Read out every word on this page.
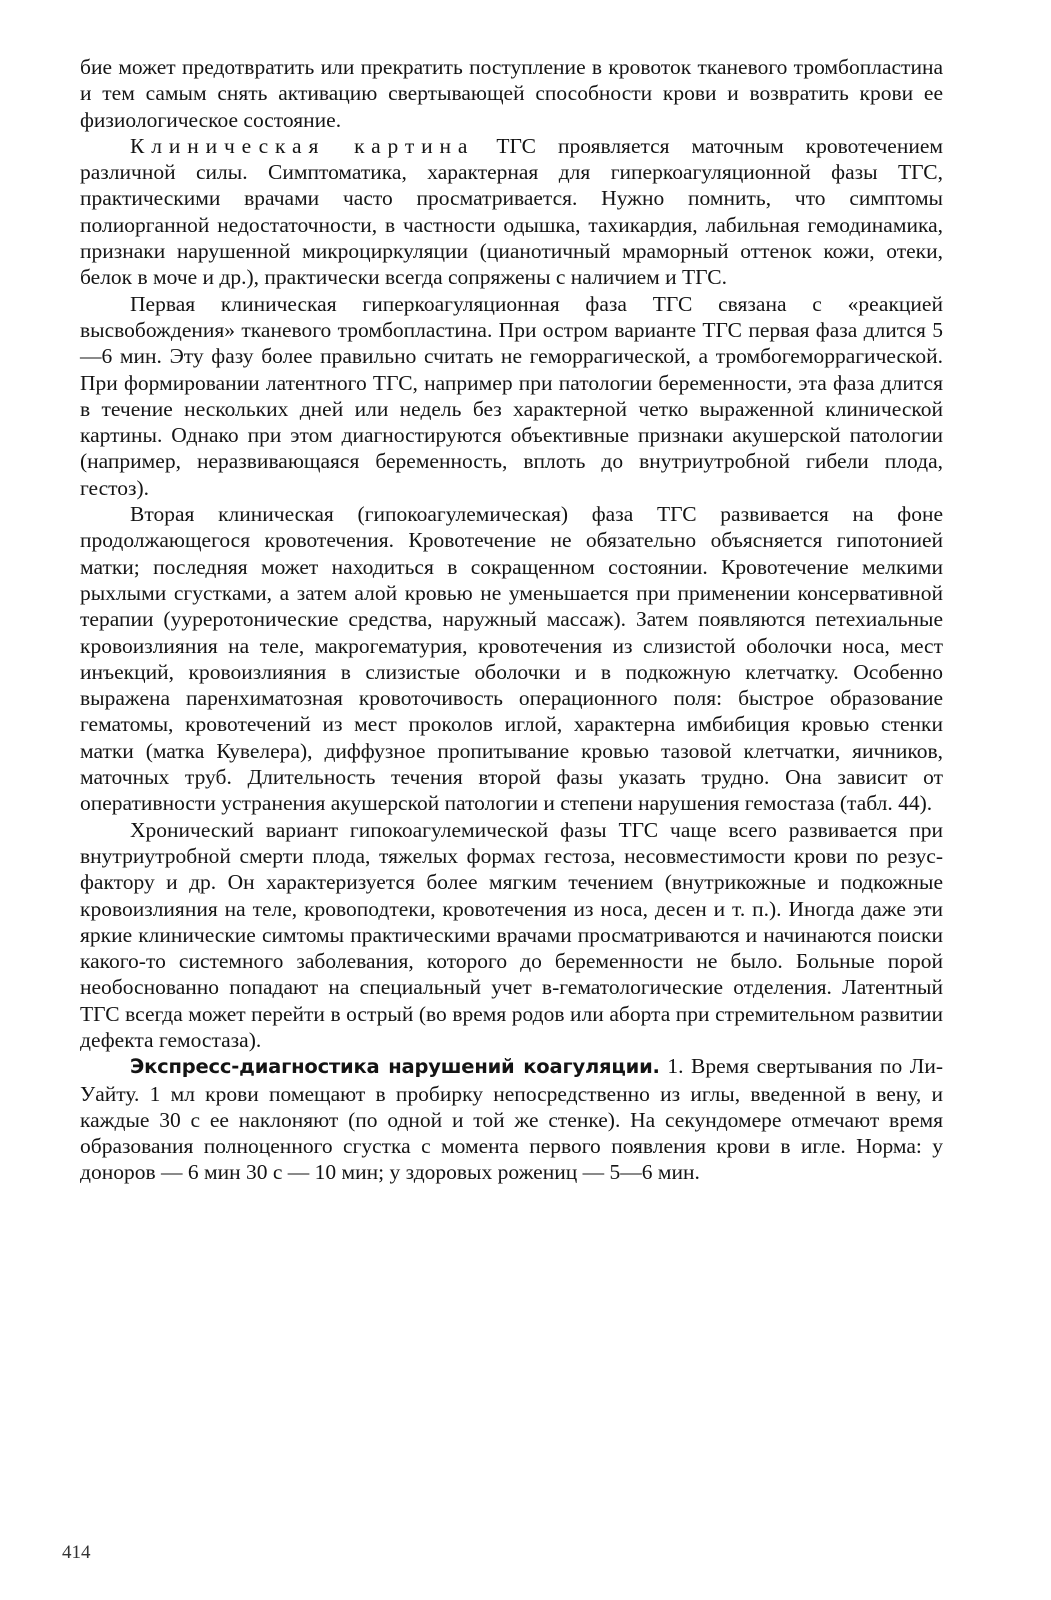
бие может предотвратить или прекратить поступление в кровоток тканевого тромбопластина и тем самым снять активацию свертывающей способности крови и возвратить крови ее физиологическое состояние.

Клиническая картина ТГС проявляется маточным кровотечением различной силы. Симптоматика, характерная для гиперкоагуляционной фазы ТГС, практическими врачами часто просматривается. Нужно помнить, что симптомы полиорганной недостаточности, в частности одышка, тахикардия, лабильная гемодинамика, признаки нарушенной микроциркуляции (цианотичный мраморный оттенок кожи, отеки, белок в моче и др.), практически всегда сопряжены с наличием и ТГС.

Первая клиническая гиперкоагуляционная фаза ТГС связана с «реакцией высвобождения» тканевого тромбопластина. При остром варианте ТГС первая фаза длится 5—6 мин. Эту фазу более правильно считать не геморрагической, а тромбогеморрагической. При формировании латентного ТГС, например при патологии беременности, эта фаза длится в течение нескольких дней или недель без характерной четко выраженной клинической картины. Однако при этом диагностируются объективные признаки акушерской патологии (например, неразвивающаяся беременность, вплоть до внутриутробной гибели плода, гестоз).

Вторая клиническая (гипокоагулемическая) фаза ТГС развивается на фоне продолжающегося кровотечения. Кровотечение не обязательно объясняется гипотонией матки; последняя может находиться в сокращенном состоянии. Кровотечение мелкими рыхлыми сгустками, а затем алой кровью не уменьшается при применении консервативной терапии (ууреротонические средства, наружный массаж). Затем появляются петехиальные кровоизлияния на теле, макрогематурия, кровотечения из слизистой оболочки носа, мест инъекций, кровоизлияния в слизистые оболочки и в подкожную клетчатку. Особенно выражена паренхиматозная кровоточивость операционного поля: быстрое образование гематомы, кровотечений из мест проколов иглой, характерна имбибиция кровью стенки матки (матка Кувелера), диффузное пропитывание кровью тазовой клетчатки, яичников, маточных труб. Длительность течения второй фазы указать трудно. Она зависит от оперативности устранения акушерской патологии и степени нарушения гемостаза (табл. 44).

Хронический вариант гипокоагулемической фазы ТГС чаще всего развивается при внутриутробной смерти плода, тяжелых формах гестоза, несовместимости крови по резус-фактору и др. Он характеризуется более мягким течением (внутрикожные и подкожные кровоизлияния на теле, кровоподтеки, кровотечения из носа, десен и т. п.). Иногда даже эти яркие клинические симтомы практическими врачами просматриваются и начинаются поиски какого-то системного заболевания, которого до беременности не было. Больные порой необоснованно попадают на специальный учет в-гематологические отделения. Латентный ТГС всегда может перейти в острый (во время родов или аборта при стремительном развитии дефекта гемостаза).

Экспресс-диагностика нарушений коагуляции. 1. Время свертывания по Ли-Уайту. 1 мл крови помещают в пробирку непосредственно из иглы, введенной в вену, и каждые 30 с ее наклоняют (по одной и той же стенке). На секундомере отмечают время образования полноценного сгустка с момента первого появления крови в игле. Норма: у доноров — 6 мин 30 с — 10 мин; у здоровых рожениц — 5—6 мин.

414
